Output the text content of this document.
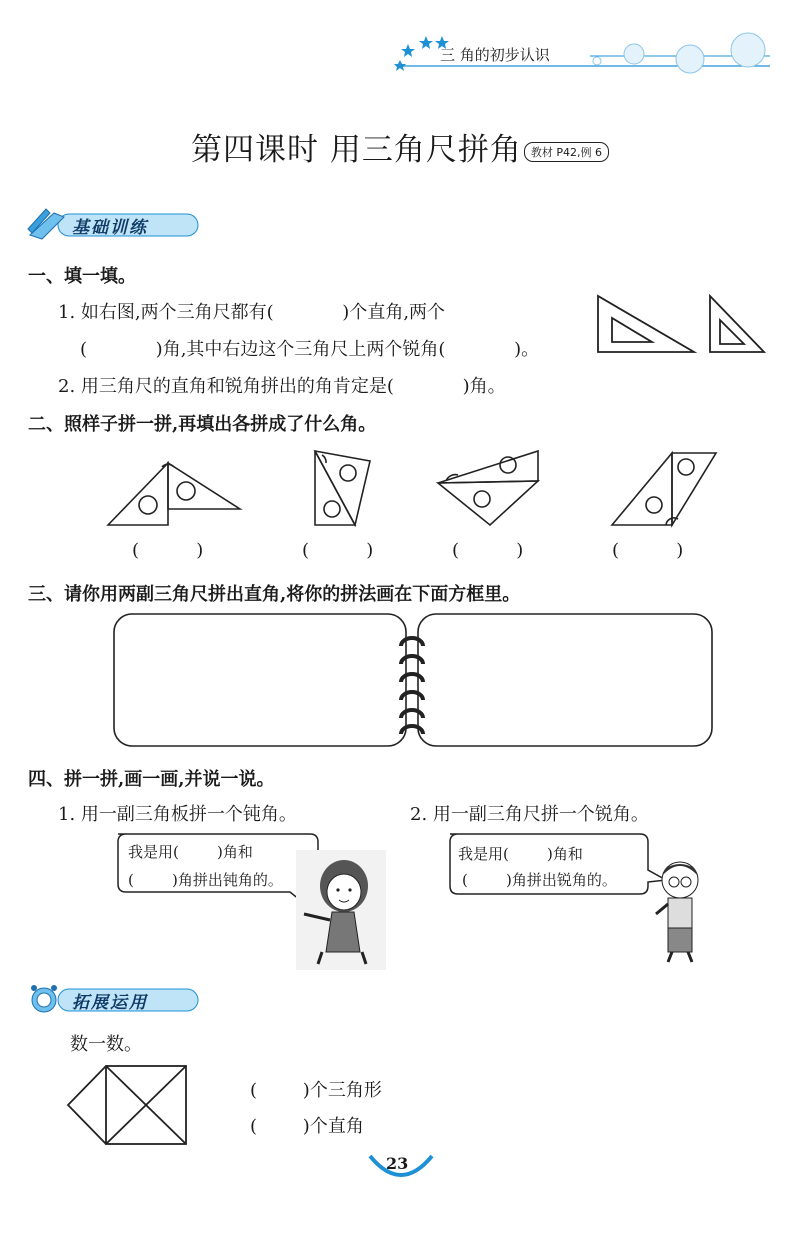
三 角的初步认识
第四课时 用三角尺拼角 教材 P42,例 6
基础训练
一、填一填。
1. 如右图,两个三角尺都有(            )个直角,两个
(            )角,其中右边这个三角尺上两个锐角(            )。
2. 用三角尺的直角和锐角拼出的角肯定是(            )角。
二、照样子拼一拼,再填出各拼成了什么角。
(          )	(          )	(          )	(          )
三、请你用两副三角尺拼出直角,将你的拼法画在下面方框里。
四、拼一拼,画一画,并说一说。
1. 用一副三角板拼一个钝角。	2. 用一副三角尺拼一个锐角。
我是用(        )角和
(        )角拼出钝角的。
我是用(        )角和
(        )角拼出锐角的。
拓展运用
数一数。
(        )个三角形
(        )个直角
23
